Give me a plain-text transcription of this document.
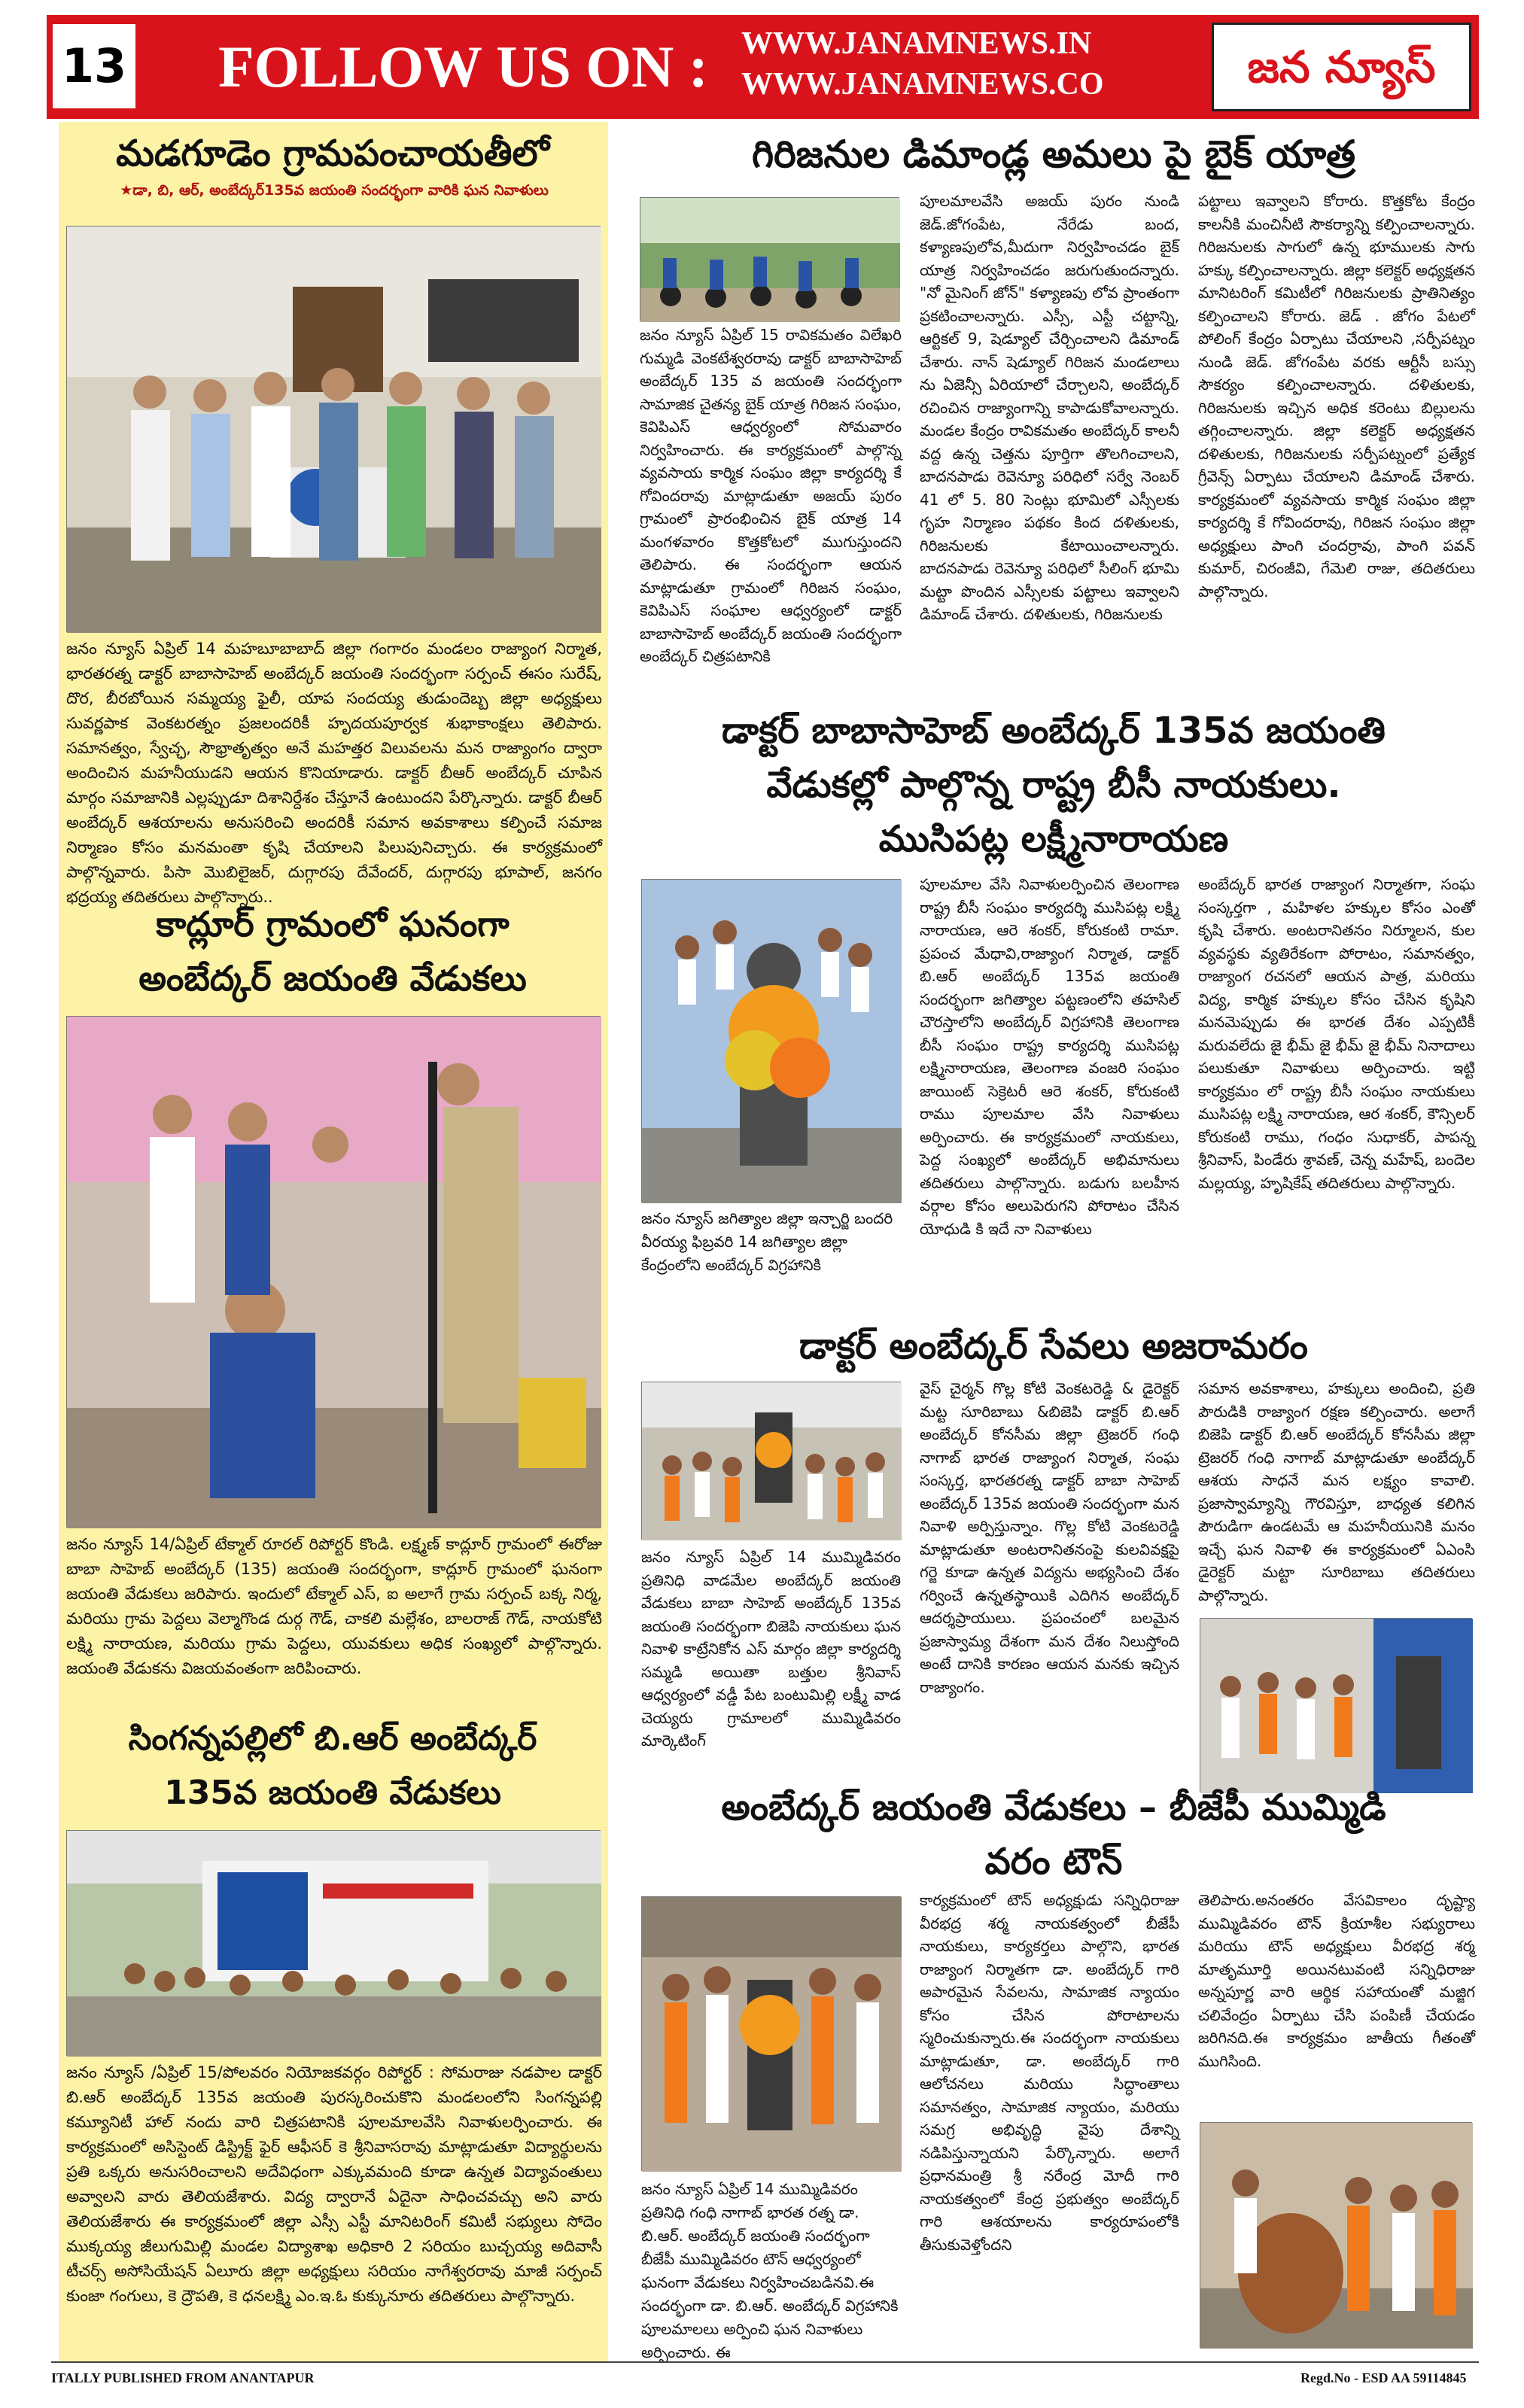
13 FOLLOW US ON :	WWW.JANAMNEWS.IN
WWW.JANAMNEWS.CO	జన న్యూస్
మడగూడెం గ్రామపంచాయతీలో
★డా, బి, ఆర్, అంబేద్కర్135వ జయంతి సందర్భంగా వారికి ఘన నివాళులు
జనం న్యూస్ ఏప్రిల్ 14 మహబూబాబాద్ జిల్లా గంగారం మండలం రాజ్యాంగ నిర్మాత, భారతరత్న డాక్టర్ బాబాసాహెబ్ అంబేద్కర్ జయంతి సందర్భంగా సర్పంచ్ ఈసం సురేష్, దొర, బీరబోయిన సమ్మయ్య ఫైలీ, యాప సందయ్య తుడుందెబ్బ జిల్లా అధ్యక్షులు సువర్ణపాక వెంకటరత్నం ప్రజలందరికీ హృదయపూర్వక శుభాకాంక్షలు తెలిపారు. సమానత్వం, స్వేచ్ఛ, సౌభ్రాతృత్వం అనే మహత్తర విలువలను మన రాజ్యాంగం ద్వారా అందించిన మహనీయుడని ఆయన కొనియాడారు. డాక్టర్ బీఆర్ అంబేద్కర్ చూపిన మార్గం సమాజానికి ఎల్లప్పుడూ దిశానిర్దేశం చేస్తూనే ఉంటుందని పేర్కొన్నారు. డాక్టర్ బీఆర్ అంబేద్కర్ ఆశయాలను అనుసరించి అందరికీ సమాన అవకాశాలు కల్పించే సమాజ నిర్మాణం కోసం మనమంతా కృషి చేయాలని పిలుపునిచ్చారు. ఈ కార్యక్రమంలో పాల్గొన్నవారు. పిసా మొబిలైజర్, దుగ్గారపు దేవేందర్, దుగ్గారపు భూపాల్, జనగం భద్రయ్య తదితరులు పాల్గొన్నారు..
కాద్లూర్ గ్రామంలో ఘనంగా
అంబేద్కర్ జయంతి వేడుకలు
జనం న్యూస్ 14/ఏప్రిల్ టేక్మాల్ రూరల్ రిపోర్టర్ కొండి. లక్ష్మణ్ కాద్లూర్ గ్రామంలో ఈరోజు బాబా సాహెబ్ అంబేద్కర్ (135) జయంతి సందర్భంగా, కాద్లూర్ గ్రామంలో ఘనంగా జయంతి వేడుకలు జరిపారు. ఇందులో టేక్మాల్ ఎస్, ఐ అలాగే గ్రామ సర్పంచ్ బక్క నిర్మ, మరియు గ్రామ పెద్దలు వెల్మాగొండ దుర్గ గౌడ్, చాకలి మల్లేశం, బాలరాజ్ గౌడ్, నాయకోటి లక్ష్మి నారాయణ, మరియు గ్రామ పెద్దలు, యువకులు అధిక సంఖ్యలో పాల్గొన్నారు. జయంతి వేడుకను విజయవంతంగా జరిపించారు.
సింగన్నపల్లిలో బి.ఆర్ అంబేద్కర్
135వ జయంతి వేడుకలు
జనం న్యూస్ /ఏప్రిల్ 15/పోలవరం నియోజకవర్గం రిపోర్టర్ : సోమరాజు నడపాల డాక్టర్ బి.ఆర్ అంబేద్కర్ 135వ జయంతి పురస్కరించుకొని మండలంలోని సింగన్నపల్లి కమ్యూనిటీ హాల్ నందు వారి చిత్రపటానికి పూలమాలవేసి నివాళులర్పించారు. ఈ కార్యక్రమంలో అసిస్టెంట్ డిస్ట్రిక్ట్ ఫైర్ ఆఫీసర్ కె శ్రీనివాసరావు మాట్లాడుతూ విద్యార్థులను ప్రతి ఒక్కరు అనుసరించాలని అదేవిధంగా ఎక్కువమంది కూడా ఉన్నత విద్యావంతులు అవ్వాలని వారు తెలియజేశారు. విద్య ద్వారానే ఏదైనా సాధించవచ్చు అని వారు తెలియజేశారు ఈ కార్యక్రమంలో జిల్లా ఎస్సీ ఎస్టీ మానిటరింగ్ కమిటీ సభ్యులు సోదెం ముక్కయ్య జీలుగుమిల్లి మండల విద్యాశాఖ అధికారి 2 సరియం బుచ్చయ్య అదివాసీ టీచర్స్ అసోసియేషన్ ఏలూరు జిల్లా అధ్యక్షులు సరియం నాగేశ్వరరావు మాజీ సర్పంచ్ కుంజా గంగులు, కె ద్రౌపతి, కె ధనలక్ష్మి ఎం.ఇ.ఓ కుక్కునూరు తదితరులు పాల్గొన్నారు.
గిరిజనుల డిమాండ్ల అమలు పై బైక్ యాత్ర
జనం న్యూస్ ఏప్రిల్ 15 రావికమతం విలేఖరి గుమ్మడి వెంకటేశ్వరరావు డాక్టర్ బాబాసాహెబ్ అంబేద్కర్ 135 వ జయంతి సందర్భంగా సామాజిక చైతన్య బైక్ యాత్ర గిరిజన సంఘం, కెవిపిఎస్ ఆధ్వర్యంలో సోమవారం నిర్వహించారు. ఈ కార్యక్రమంలో పాల్గొన్న వ్యవసాయ కార్మిక సంఘం జిల్లా కార్యదర్శి కే గోవిందరావు మాట్లాడుతూ అజయ్ పురం గ్రామంలో ప్రారంభించిన బైక్ యాత్ర 14 మంగళవారం కొత్తకోటలో ముగుస్తుందని తెలిపారు. ఈ సందర్భంగా ఆయన మాట్లాడుతూ గ్రామంలో గిరిజన సంఘం, కెవిపిఎస్ సంఘాల ఆధ్వర్యంలో డాక్టర్ బాబాసాహెబ్ అంబేద్కర్ జయంతి సందర్భంగా అంబేద్కర్ చిత్రపటానికి
పూలమాలవేసి అజయ్ పురం నుండి జెడ్.జోగంపేట, నేరేడు బంద, కళ్యాణపులోవ,మీదుగా నిర్వహించడం బైక్ యాత్ర నిర్వహించడం జరుగుతుందన్నారు. "నో మైనింగ్ జోన్" కళ్యాణపు లోవ ప్రాంతంగా ప్రకటించాలన్నారు. ఎస్సీ, ఎస్టీ చట్టాన్ని, ఆర్టికల్ 9, షెడ్యూల్ చేర్చించాలని డిమాండ్ చేశారు. నాన్ షెడ్యూల్ గిరిజన మండలాలు ను ఏజెన్సీ ఏరియాలో చేర్చాలని, అంబేద్కర్ రచించిన రాజ్యాంగాన్ని కాపాడుకోవాలన్నారు. మండల కేంద్రం రావికమతం అంబేద్కర్ కాలనీ వద్ద ఉన్న చెత్తను పూర్తిగా తొలగించాలని, బాదనపాడు రెవెన్యూ పరిధిలో సర్వే నెంబర్ 41 లో 5. 80 సెంట్లు భూమిలో ఎస్సీలకు గృహ నిర్మాణం పథకం కింద దళితులకు, గిరిజనులకు కేటాయించాలన్నారు. బాదనపాడు రెవెన్యూ పరిధిలో సీలింగ్ భూమి మట్టా పొందిన ఎస్సీలకు పట్టాలు ఇవ్వాలని డిమాండ్ చేశారు. దళితులకు, గిరిజనులకు
పట్టాలు ఇవ్వాలని కోరారు. కొత్తకోట కేంద్రం కాలనీకి మంచినీటి సౌకర్యాన్ని కల్పించాలన్నారు. గిరిజనులకు సాగులో ఉన్న భూములకు సాగు హక్కు కల్పించాలన్నారు. జిల్లా కలెక్టర్ అధ్యక్షతన మానిటరింగ్ కమిటీలో గిరిజనులకు ప్రాతినిత్యం కల్పించాలని కోరారు. జెడ్ . జోగం పేటలో పోలింగ్ కేంద్రం ఏర్పాటు చేయాలని ,సర్పీపట్నం నుండి జెడ్. జోగంపేట వరకు ఆర్టీసీ బస్సు సౌకర్యం కల్పించాలన్నారు. దళితులకు, గిరిజనులకు ఇచ్చిన అధిక కరెంటు బిల్లులను తగ్గించాలన్నారు. జిల్లా కలెక్టర్ అధ్యక్షతన దళితులకు, గిరిజనులకు సర్పీపట్నంలో ప్రత్యేక గ్రీవెన్స్ ఏర్పాటు చేయాలని డిమాండ్ చేశారు. కార్యక్రమంలో వ్యవసాయ కార్మిక సంఘం జిల్లా కార్యదర్శి కే గోవిందరావు, గిరిజన సంఘం జిల్లా అధ్యక్షులు పాంగి చందర్రావు, పాంగి పవన్ కుమార్, చిరంజీవి, గేమెలి రాజు, తదితరులు పాల్గొన్నారు.
డాక్టర్ బాబాసాహెబ్ అంబేద్కర్ 135వ జయంతి
వేడుకల్లో పాల్గొన్న రాష్ట్ర బీసీ నాయకులు.
ముసిపట్ల లక్ష్మీనారాయణ
జనం న్యూస్ జగిత్యాల జిల్లా ఇన్చార్జి బందరి వీరయ్య ఫిబ్రవరి 14 జగిత్యాల జిల్లా కేంద్రంలోని అంబేద్కర్ విగ్రహానికి
పూలమాల వేసి నివాళులర్పించిన తెలంగాణ రాష్ట్ర బీసీ సంఘం కార్యదర్శి ముసిపట్ల లక్ష్మి నారాయణ, ఆరె శంకర్, కోరుకంటి రామా. ప్రపంచ మేధావి,రాజ్యాంగ నిర్మాత, డాక్టర్ బి.ఆర్ అంబేద్కర్ 135వ జయంతి సందర్భంగా జగిత్యాల పట్టణంలోని తహసిల్ చౌరస్తాలోని అంబేద్కర్ విగ్రహానికి తెలంగాణ బీసీ సంఘం రాష్ట్ర కార్యదర్శి ముసిపట్ల లక్ష్మినారాయణ, తెలంగాణ వంజరి సంఘం జాయింట్ సెక్రెటరీ ఆరె శంకర్, కోరుకంటి రాము పూలమాల వేసి నివాళులు అర్పించారు. ఈ కార్యక్రమంలో నాయకులు, పెద్ద సంఖ్యలో అంబేద్కర్ అభిమానులు తదితరులు పాల్గొన్నారు. బడుగు బలహీన వర్గాల కోసం అలుపెరుగని పోరాటం చేసిన యోధుడి కి ఇదే నా నివాళులు
అంబేద్కర్ భారత రాజ్యాంగ నిర్మాతగా, సంఘ సంస్కర్తగా , మహిళల హక్కుల కోసం ఎంతో కృషి చేశారు. అంటరానితనం నిర్మూలన, కుల వ్యవస్థకు వ్యతిరేకంగా పోరాటం, సమానత్వం, రాజ్యాంగ రచనలో ఆయన పాత్ర, మరియు విద్య, కార్మిక హక్కుల కోసం చేసిన కృషిని మనమెప్పుడు ఈ భారత దేశం ఎప్పటికీ మరువలేదు జై భీమ్ జై భీమ్ జై భీమ్ నినాదాలు పలుకుతూ నివాళులు అర్పించారు. ఇట్టి కార్యక్రమం లో రాష్ట్ర బీసీ సంఘం నాయకులు ముసిపట్ల లక్ష్మి నారాయణ, ఆర శంకర్, కౌన్సిలర్ కోరుకంటి రాము, గంధం సుధాకర్, పాపన్న శ్రీనివాస్, పిండేరు శ్రావణ్, చెన్న మహేష్, బందెల మల్లయ్య, హృషికేష్ తదితరులు పాల్గొన్నారు.
డాక్టర్ అంబేద్కర్ సేవలు అజరామరం
జనం న్యూస్ ఏప్రిల్ 14 ముమ్మిడివరం ప్రతినిధి వాడమేల అంబేద్కర్ జయంతి వేడుకలు బాబా సాహెబ్ అంబేద్కర్ 135వ జయంతి సందర్భంగా బిజెపి నాయకులు ఘన నివాళి కాట్రేనికోన ఎస్ మార్గం జిల్లా కార్యదర్శి సమ్మడి అయితా బత్తుల శ్రీనివాస్ ఆధ్వర్యంలో వడ్డీ పేట బంటుమిల్లి లక్ష్మీ వాడ చెయ్యరు గ్రామాలలో ముమ్మిడివరం మార్కెటింగ్
వైస్ చైర్మన్ గొల్ల కోటి వెంకటరెడ్డి & డైరెక్టర్ మట్ట సూరిబాబు &బిజెపి డాక్టర్ బి.ఆర్ అంబేద్కర్ కోనసీమ జిల్లా ట్రెజరర్ గంధి నాగాబ్ భారత రాజ్యాంగ నిర్మాత, సంఘ సంస్కర్త, భారతరత్న డాక్టర్ బాబా సాహెబ్ అంబేద్కర్ 135వ జయంతి సందర్భంగా మన నివాళి అర్పిస్తున్నాం. గొల్ల కోటి వెంకటరెడ్డి మాట్లాడుతూ అంటరానితనంపై కులవివక్షపై గర్జె కూడా ఉన్నత విద్యను అభ్యసించి దేశం గర్వించే ఉన్నతస్థాయికి ఎదిగిన అంబేద్కర్ ఆదర్శప్రాయులు. ప్రపంచంలో బలమైన ప్రజాస్వామ్య దేశంగా మన దేశం నిలుస్తోంది అంటే దానికి కారణం ఆయన మనకు ఇచ్చిన రాజ్యాంగం.
సమాన అవకాశాలు, హక్కులు అందించి, ప్రతి పౌరుడికి రాజ్యాంగ రక్షణ కల్పించారు. అలాగే బిజెపి డాక్టర్ బి.ఆర్ అంబేద్కర్ కోనసీమ జిల్లా ట్రెజరర్ గంధి నాగాబ్ మాట్లాడుతూ అంబేద్కర్ ఆశయ సాధనే మన లక్ష్యం కావాలి. ప్రజాస్వామ్యాన్ని గౌరవిస్తూ, బాధ్యత కలిగిన పౌరుడిగా ఉండటమే ఆ మహనీయునికి మనం ఇచ్చే ఘన నివాళి ఈ కార్యక్రమంలో ఏఎంసి డైరెక్టర్ మట్టా సూరిబాబు తదితరులు పాల్గొన్నారు.
అంబేద్కర్ జయంతి వేడుకలు – బీజేపీ ముమ్మిడి
వరం టౌన్
జనం న్యూస్ ఏప్రిల్ 14 ముమ్మిడివరం ప్రతినిధి గంధి నాగాబ్ భారత రత్న డా. బి.ఆర్. అంబేద్కర్ జయంతి సందర్భంగా బీజేపీ ముమ్మిడివరం టౌన్ ఆధ్వర్యంలో ఘనంగా వేడుకలు నిర్వహించబడినవి.ఈ సందర్భంగా డా. బి.ఆర్. అంబేద్కర్ విగ్రహానికి పూలమాలలు అర్పించి ఘన నివాళులు అర్పించారు. ఈ
కార్యక్రమంలో టౌన్ అధ్యక్షుడు సన్నిధిరాజు వీరభద్ర శర్మ నాయకత్వంలో బీజేపీ నాయకులు, కార్యకర్తలు పాల్గొని, భారత రాజ్యాంగ నిర్మాతగా డా. అంబేద్కర్ గారి అపారమైన సేవలను, సామాజిక న్యాయం కోసం చేసిన పోరాటాలను స్మరించుకున్నారు.ఈ సందర్భంగా నాయకులు మాట్లాడుతూ, డా. అంబేద్కర్ గారి ఆలోచనలు మరియు సిద్ధాంతాలు సమానత్వం, సామాజిక న్యాయం, మరియు సమగ్ర అభివృద్ధి వైపు దేశాన్ని నడిపిస్తున్నాయని పేర్కొన్నారు. అలాగే ప్రధానమంత్రి శ్రీ నరేంద్ర మోదీ గారి నాయకత్వంలో కేంద్ర ప్రభుత్వం అంబేద్కర్ గారి ఆశయాలను కార్యరూపంలోకి తీసుకువెళ్తోందని
తెలిపారు.అనంతరం వేసవికాలం దృష్ట్యా ముమ్మిడివరం టౌన్ క్రియాశీల సభ్యురాలు మరియు టౌన్ అధ్యక్షులు వీరభద్ర శర్మ మాతృమూర్తి అయినటువంటి సన్నిధిరాజు అన్నపూర్ణ వారి ఆర్థిక సహాయంతో మజ్జిగ చలివేంద్రం ఏర్పాటు చేసి పంపిణీ చేయడం జరిగినది.ఈ కార్యక్రమం జాతీయ గీతంతో ముగిసింది.
ITALLY PUBLISHED FROM ANANTAPUR	Regd.No - ESD AA 59114845
